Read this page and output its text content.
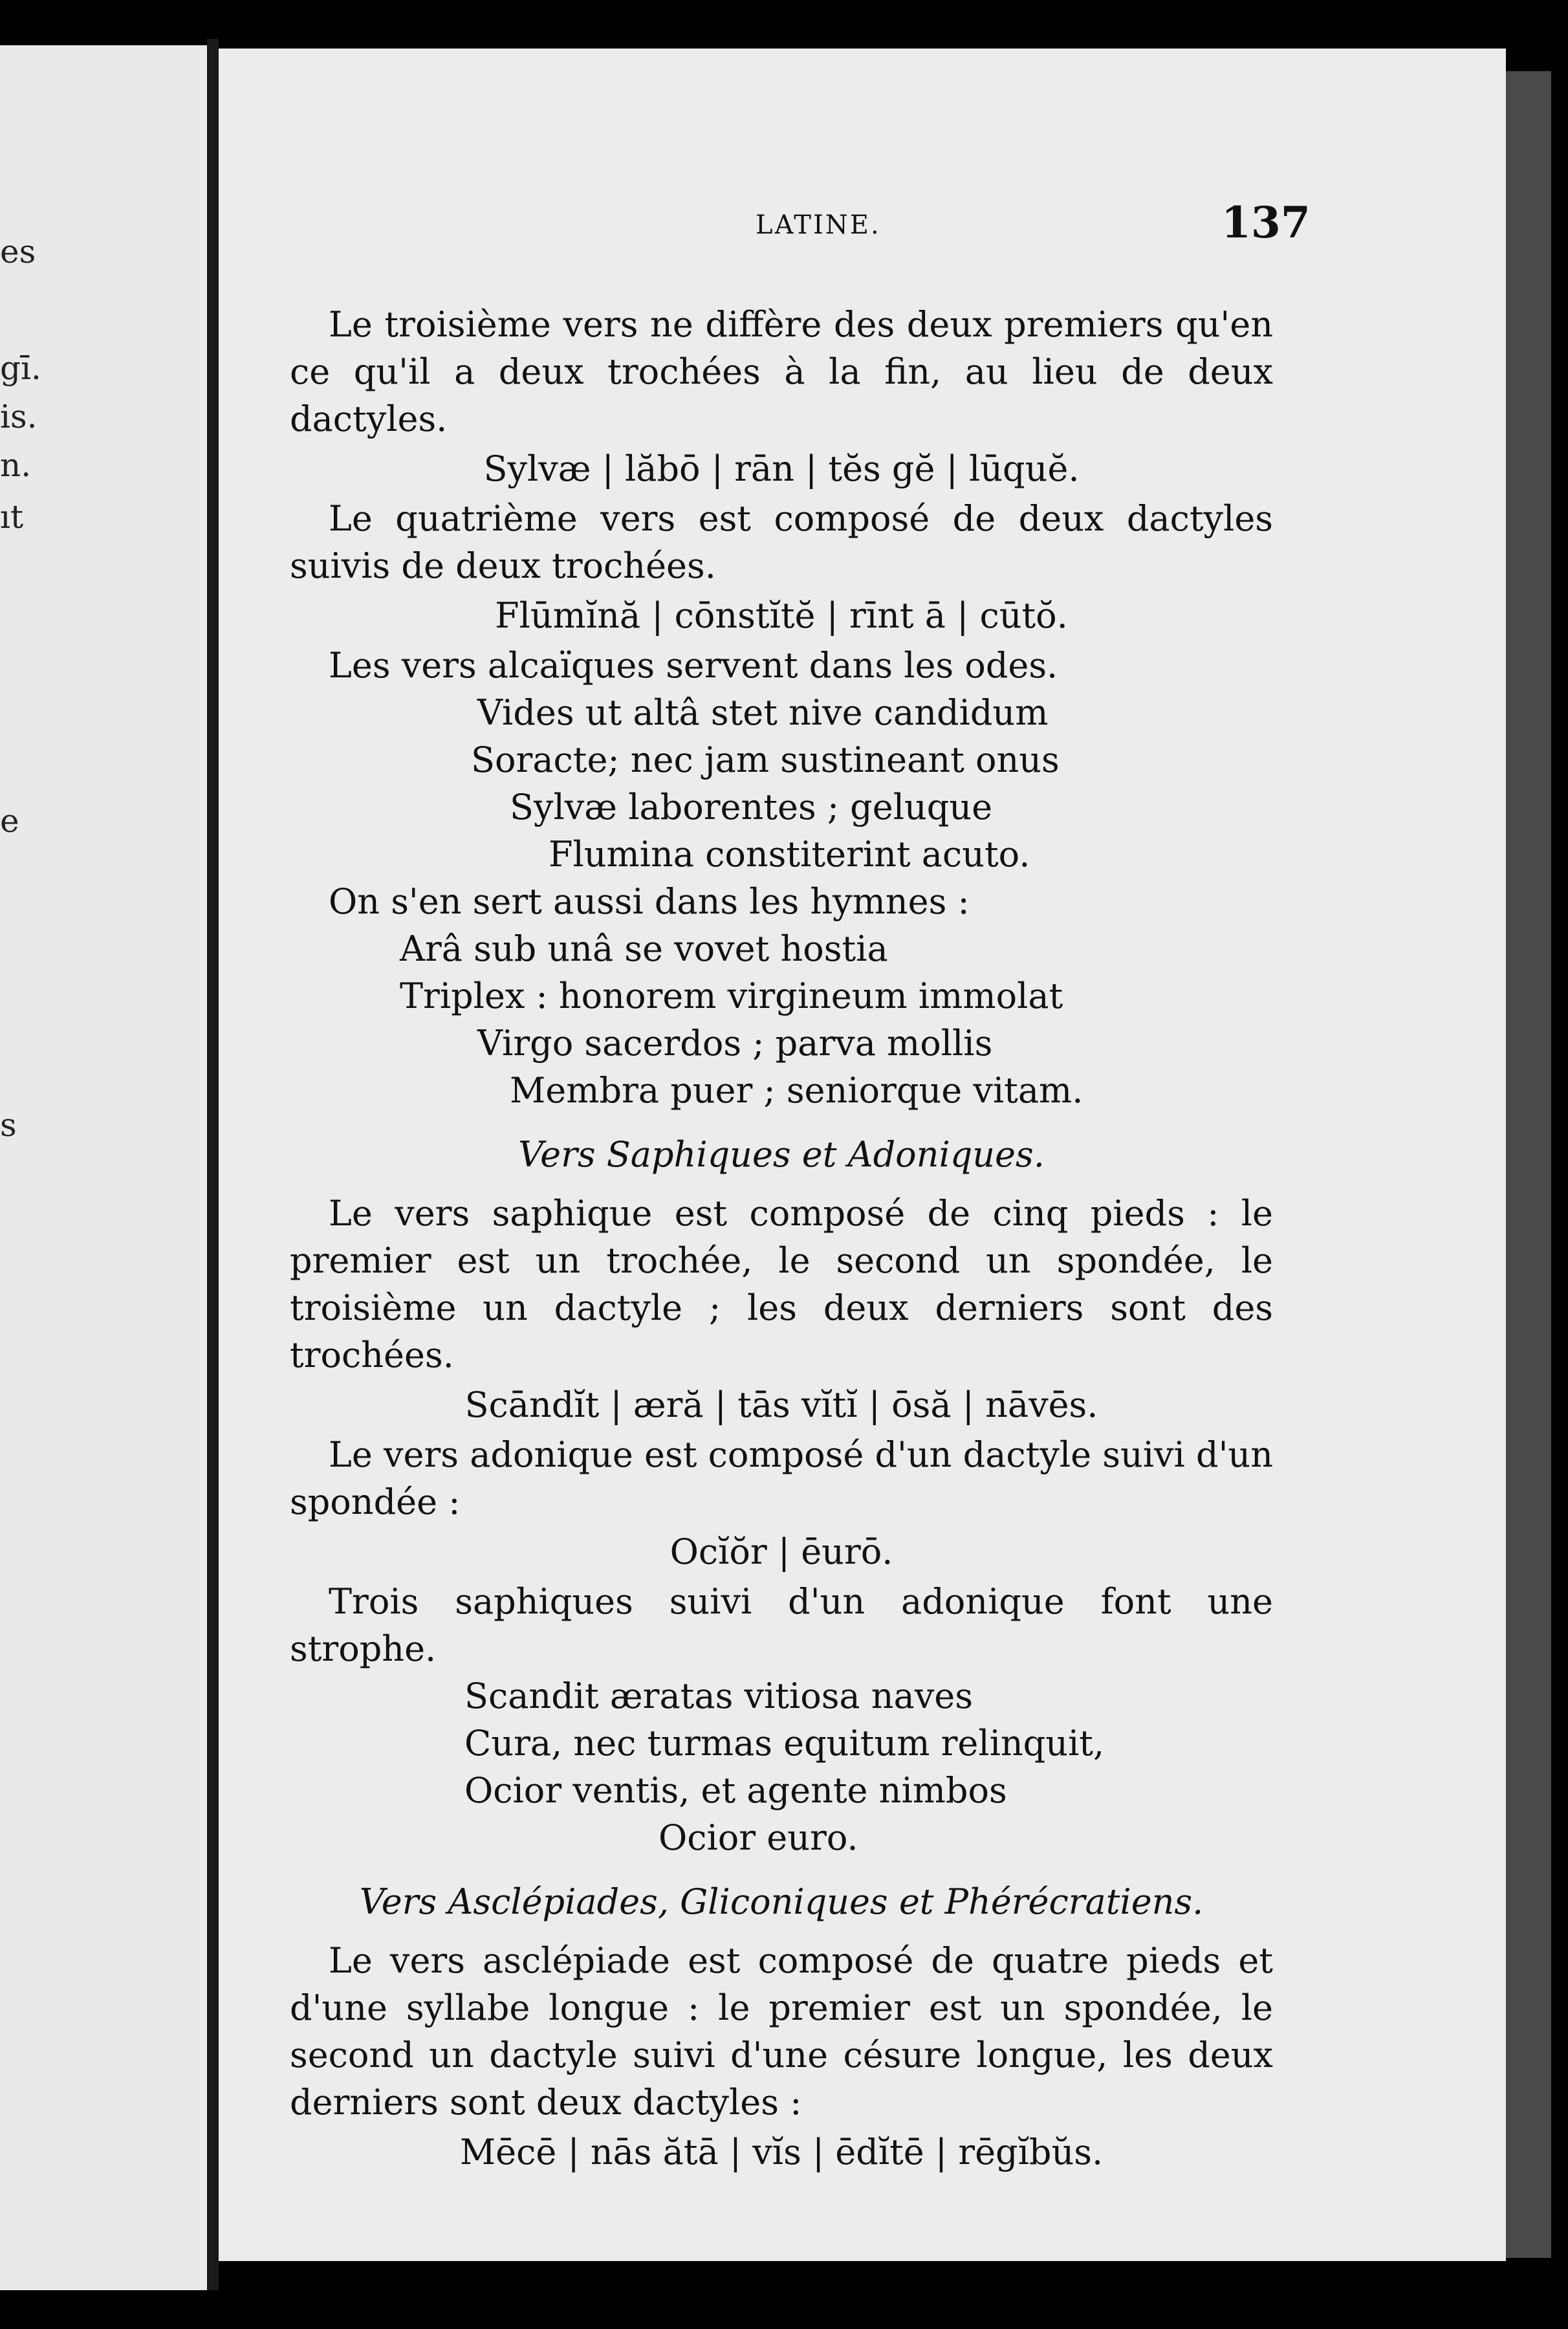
es
gī.
is.
n.
ıt
e
s
LATINE.	137

Le troisième vers ne diffère des deux premiers qu'en ce qu'il a deux trochées à la fin, au lieu de deux dactyles.

Sylvæ | lăbō | rān | tĕs gĕ | lūquĕ.

Le quatrième vers est composé de deux dactyles suivis de deux trochées.

Flūmĭnă | cōnstĭtĕ | rīnt ā | cūtŏ.

Les vers alcaïques servent dans les odes.

Vides ut altâ stet nive candidum

Soracte; nec jam sustineant onus

Sylvæ laborentes ; geluque

Flumina constiterint acuto.

On s'en sert aussi dans les hymnes :

Arâ sub unâ se vovet hostia

Triplex : honorem virgineum immolat

Virgo sacerdos ; parva mollis

Membra puer ; seniorque vitam.

Vers Saphiques et Adoniques.

Le vers saphique est composé de cinq pieds : le premier est un trochée, le second un spondée, le troisième un dactyle ; les deux derniers sont des trochées.

Scāndĭt | æră | tās vĭtĭ | ōsă | nāvēs.

Le vers adonique est composé d'un dactyle suivi d'un spondée :

Ocĭŏr | ēurō.

Trois saphiques suivi d'un adonique font une strophe.

Scandit æratas vitiosa naves

Cura, nec turmas equitum relinquit,

Ocior ventis, et agente nimbos

Ocior euro.

Vers Asclépiades, Gliconiques et Phérécratiens.

Le vers asclépiade est composé de quatre pieds et d'une syllabe longue : le premier est un spondée, le second un dactyle suivi d'une césure longue, les deux derniers sont deux dactyles :

Mēcē | nās ătā | vĭs | ēdĭtē | rēgĭbŭs.
